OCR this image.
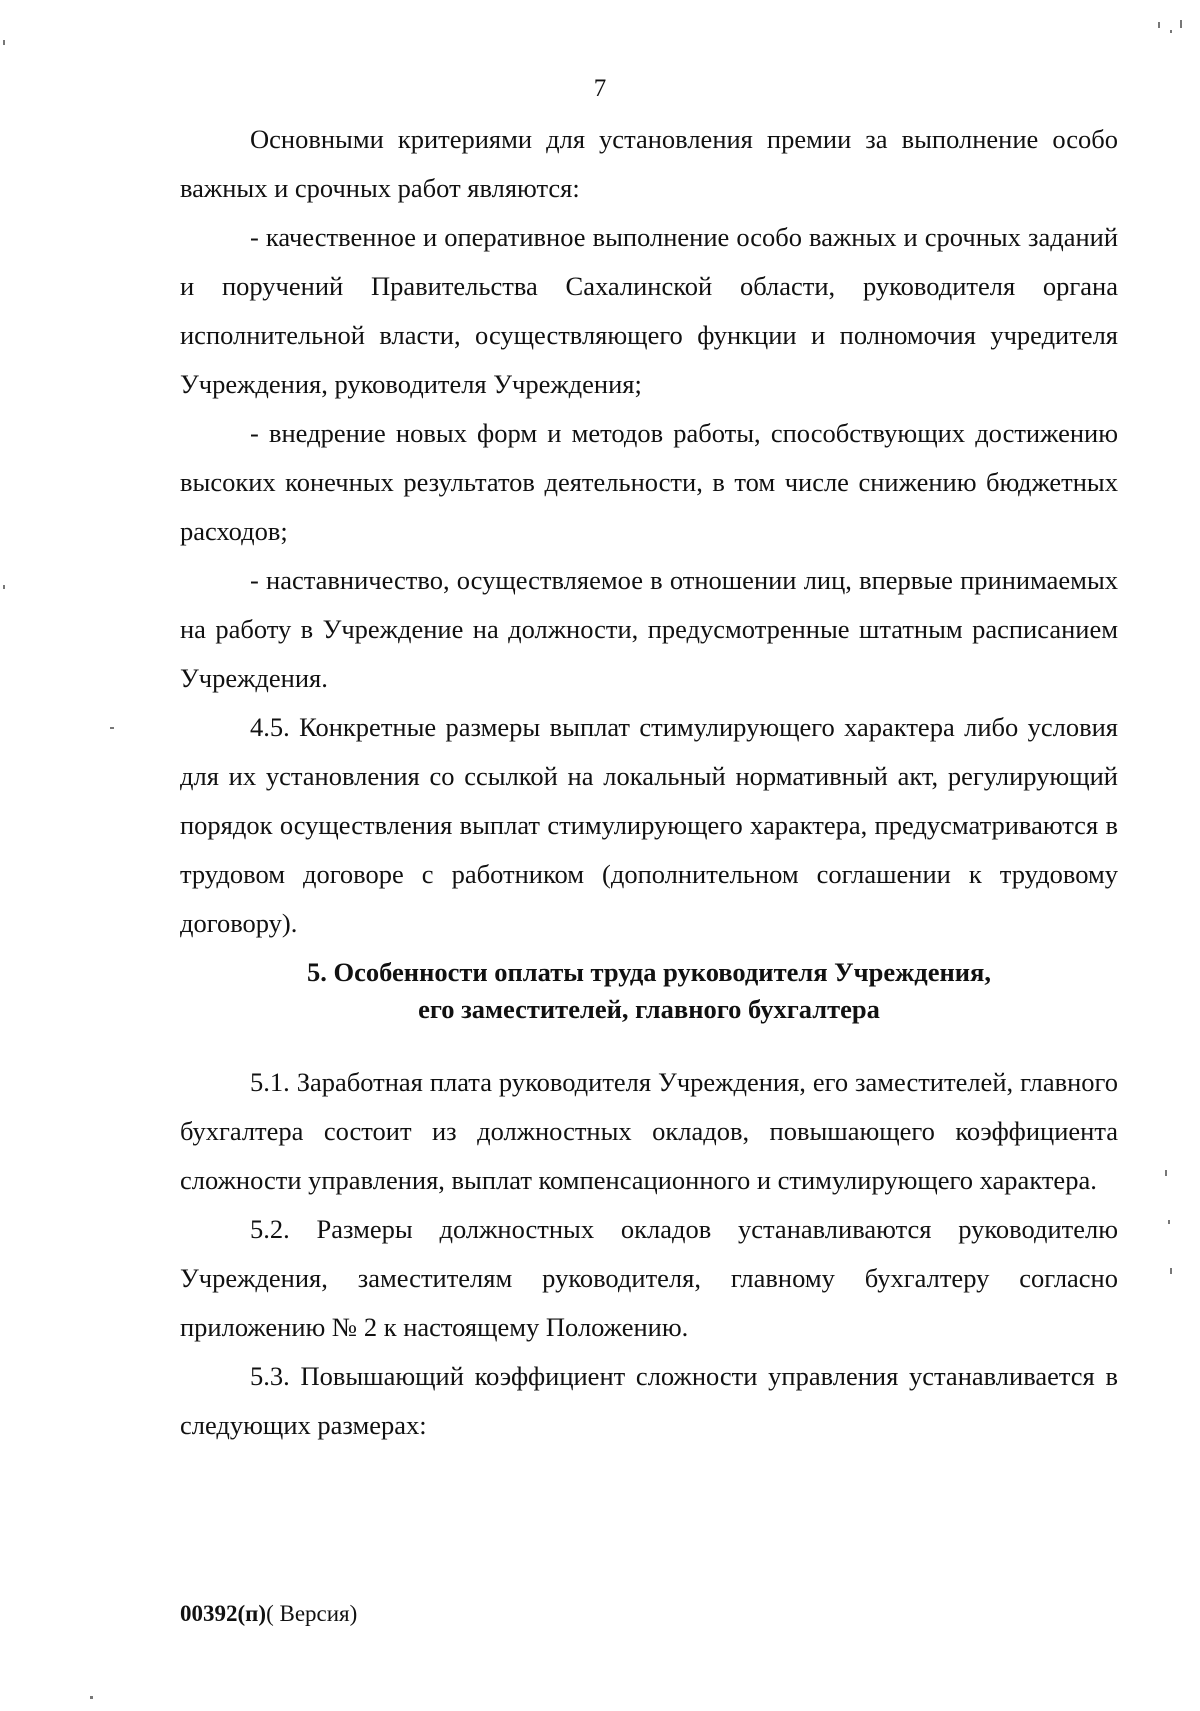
7

Основными критериями для установления премии за выполнение особо важных и срочных работ являются:

- качественное и оперативное выполнение особо важных и срочных заданий и поручений Правительства Сахалинской области, руководителя органа исполнительной власти, осуществляющего функции и полномочия учредителя Учреждения, руководителя Учреждения;

- внедрение новых форм и методов работы, способствующих достижению высоких конечных результатов деятельности, в том числе снижению бюджетных расходов;

- наставничество, осуществляемое в отношении лиц, впервые принимаемых на работу в Учреждение на должности, предусмотренные штатным расписанием Учреждения.

4.5. Конкретные размеры выплат стимулирующего характера либо условия для их установления со ссылкой на локальный нормативный акт, регулирующий порядок осуществления выплат стимулирующего характера, предусматриваются в трудовом договоре с работником (дополнительном соглашении к трудовому договору).

5. Особенности оплаты труда руководителя Учреждения,
его заместителей, главного бухгалтера

5.1. Заработная плата руководителя Учреждения, его заместителей, главного бухгалтера состоит из должностных окладов, повышающего коэффициента сложности управления, выплат компенсационного и стимулирующего характера.

5.2. Размеры должностных окладов устанавливаются руководителю Учреждения, заместителям руководителя, главному бухгалтеру согласно приложению № 2 к настоящему Положению.

5.3. Повышающий коэффициент сложности управления устанавливается в следующих размерах:

00392(п)( Версия)
